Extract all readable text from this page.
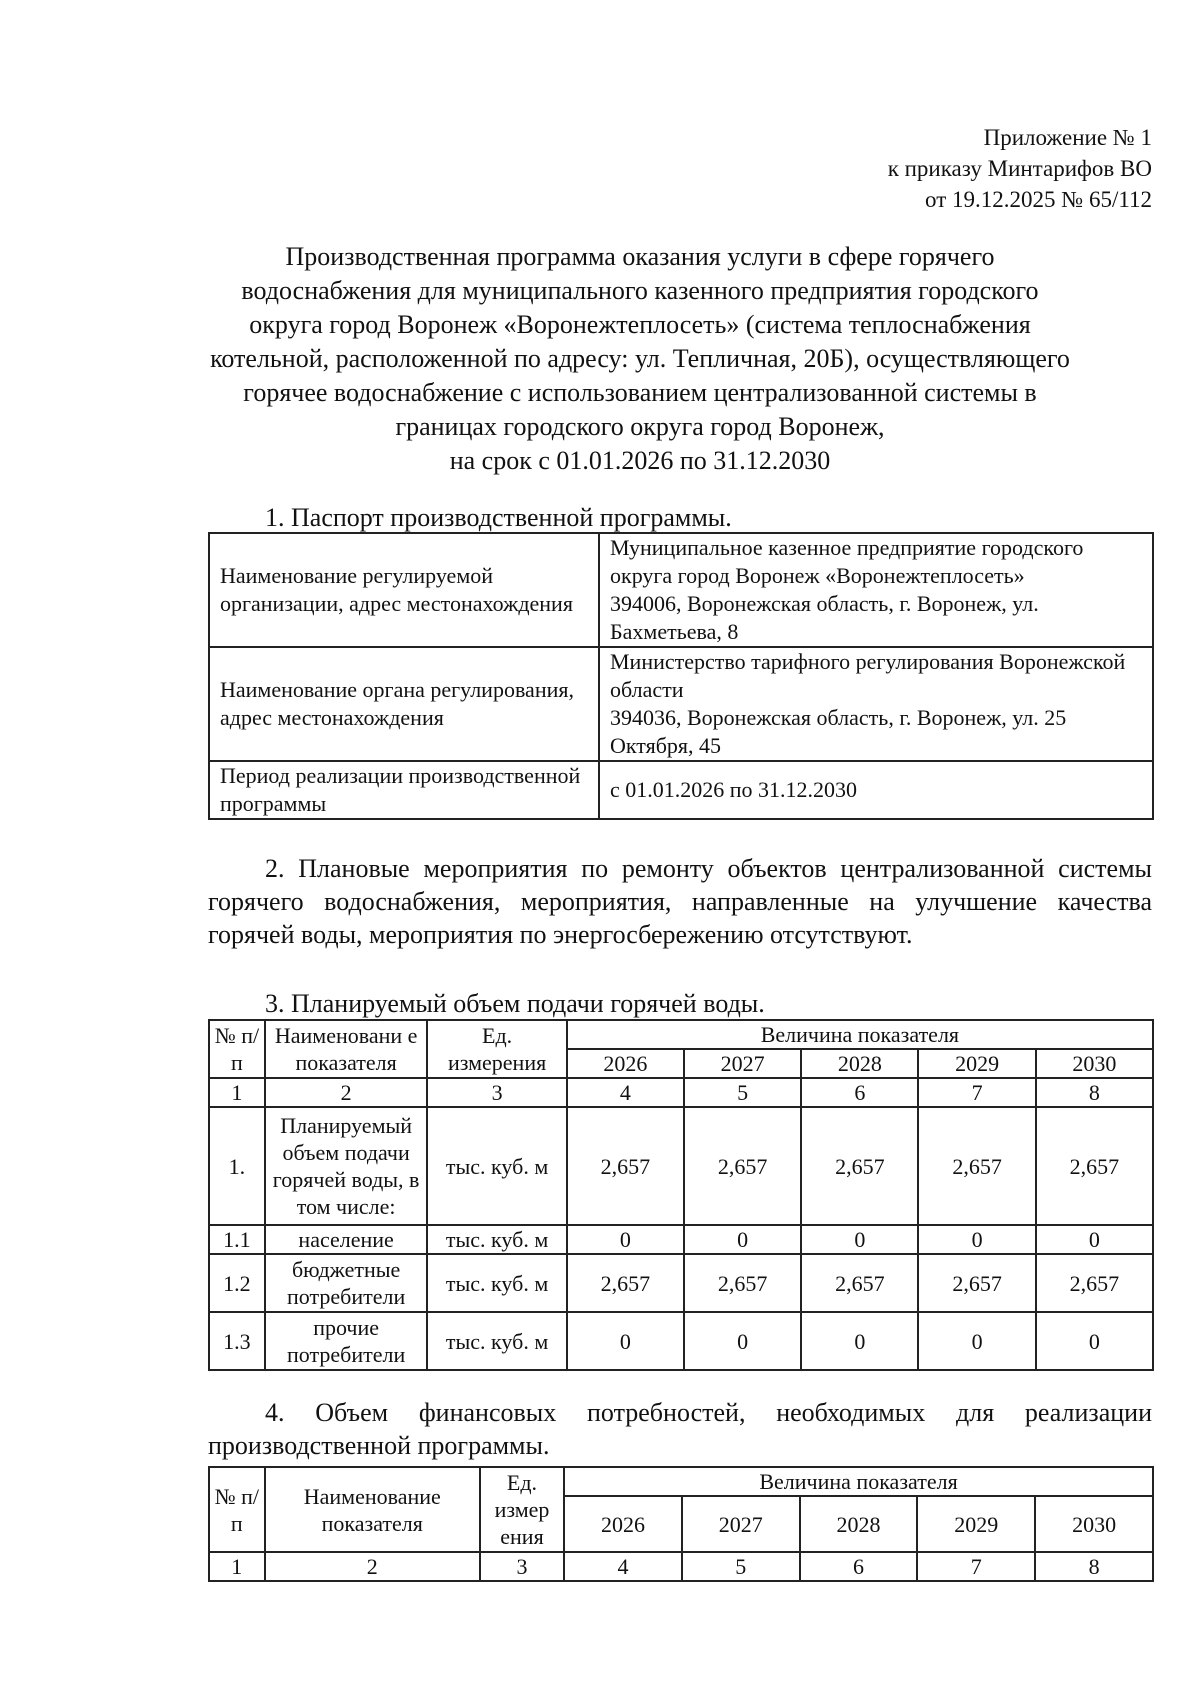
Приложение № 1
к приказу Минтарифов ВО
от 19.12.2025 № 65/112
Производственная программа оказания услуги в сфере горячего
водоснабжения для муниципального казенного предприятия городского
округа город Воронеж «Воронежтеплосеть» (система теплоснабжения
котельной, расположенной по адресу: ул. Тепличная, 20Б), осуществляющего
горячее водоснабжение с использованием централизованной системы в
границах городского округа город Воронеж,
на срок с 01.01.2026 по 31.12.2030
1. Паспорт производственной программы.
Наименование регулируемой организации, адрес местонахождения	Муниципальное казенное предприятие городского округа город Воронеж «Воронежтеплосеть»
394006, Воронежская область, г. Воронеж, ул. Бахметьева, 8

Наименование органа регулирования, адрес местонахождения	Министерство тарифного регулирования Воронежской области
394036, Воронежская область, г. Воронеж, ул. 25 Октября, 45

Период реализации производственной программы	с 01.01.2026 по 31.12.2030
2. Плановые мероприятия по ремонту объектов централизованной системы горячего водоснабжения, мероприятия, направленные на улучшение качества горячей воды, мероприятия по энергосбережению отсутствуют.
3. Планируемый объем подачи горячей воды.
№ п/п	Наименовани е показателя	Ед. измерения	Величина показателя				
			2026	2027	2028	2029	2030
1	2	3	4	5	6	7	8
1.	Планируемый объем подачи горячей воды, в том числе:	тыс. куб. м	2,657	2,657	2,657	2,657	2,657
1.1	население	тыс. куб. м	0	0	0	0	0
1.2	бюджетные потребители	тыс. куб. м	2,657	2,657	2,657	2,657	2,657
1.3	прочие потребители	тыс. куб. м	0	0	0	0	0
4. Объем финансовых потребностей, необходимых для реализации производственной программы.
№ п/п	Наименование показателя	Ед. измер ения	Величина показателя				
			2026	2027	2028	2029	2030
1	2	3	4	5	6	7	8
